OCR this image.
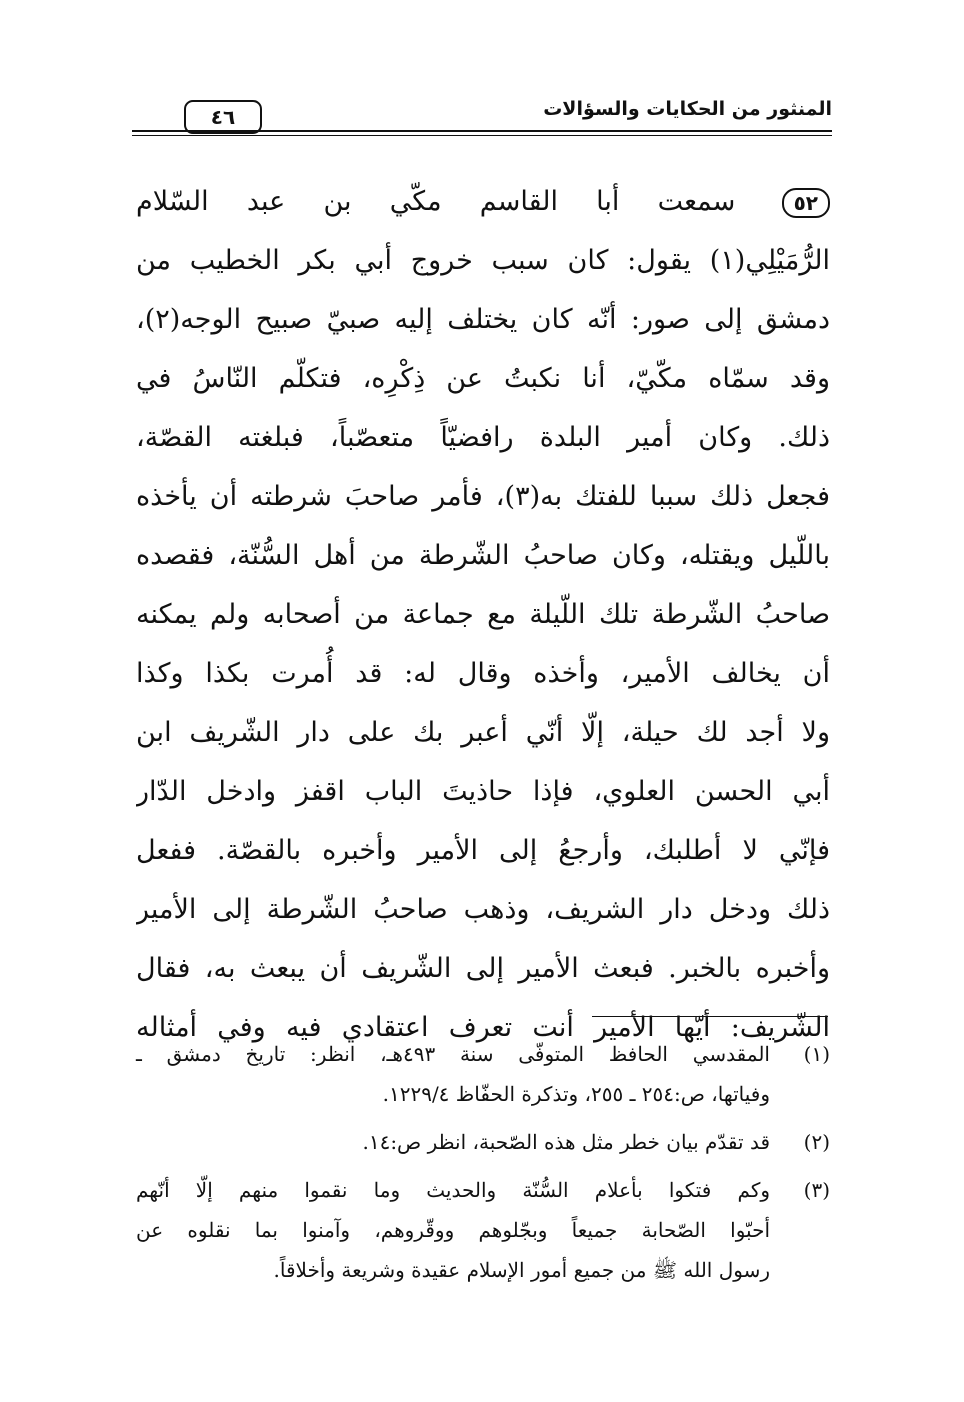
المنثور من الحكايات والسؤالات
٤٦
٥٢ سمعت أبا القاسم مكّي بن عبد السّلام
الرُّمَيْلِي(١) يقول: كان سبب خروج أبي بكر الخطيب من
دمشق إلى صور: أنّه كان يختلف إليه صبيّ صبيح الوجه(٢)،
وقد سمّاه مكّيّ، أنا نكبتُ عن ذِكْرِه، فتكلّم النّاسُ في
ذلك. وكان أمير البلدة رافضيّاً متعصّباً، فبلغته القصّة،
فجعل ذلك سببا للفتك به(٣)، فأمر صاحبَ شرطته أن يأخذه
باللّيل ويقتله، وكان صاحبُ الشّرطة من أهل السُّنّة، فقصده
صاحبُ الشّرطة تلك اللّيلة مع جماعة من أصحابه ولم يمكنه
أن يخالف الأمير، وأخذه وقال له: قد أُمرت بكذا وكذا
ولا أجد لك حيلة، إلّا أنّي أعبر بك على دار الشّريف ابن
أبي الحسن العلوي، فإذا حاذيتَ الباب اقفز وادخل الدّار
فإنّي لا أطلبك، وأرجعُ إلى الأمير وأخبره بالقصّة. ففعل
ذلك ودخل دار الشريف، وذهب صاحبُ الشّرطة إلى الأمير
وأخبره بالخبر. فبعث الأمير إلى الشّريف أن يبعث به، فقال
الشّريف: أيّها الأمير أنت تعرف اعتقادي فيه وفي أمثاله
(١)
المقدسي الحافظ المتوفّى سنة ٤٩٣هـ، انظر: تاريخ دمشق ـ
وفياتها، ص:٢٥٤ ـ ٢٥٥، وتذكرة الحفّاظ ١٢٢٩/٤.
(٢)
قد تقدّم بيان خطر مثل هذه الصّحبة، انظر ص:١٤.
(٣)
وكم فتكوا بأعلام السُّنّة والحديث وما نقموا منهم إلّا أنّهم
أحبّوا الصّحابة جميعاً وبجّلوهم ووقّروهم، وآمنوا بما نقلوه عن
رسول الله ﷺ من جميع أمور الإسلام عقيدة وشريعة وأخلاقاً.
